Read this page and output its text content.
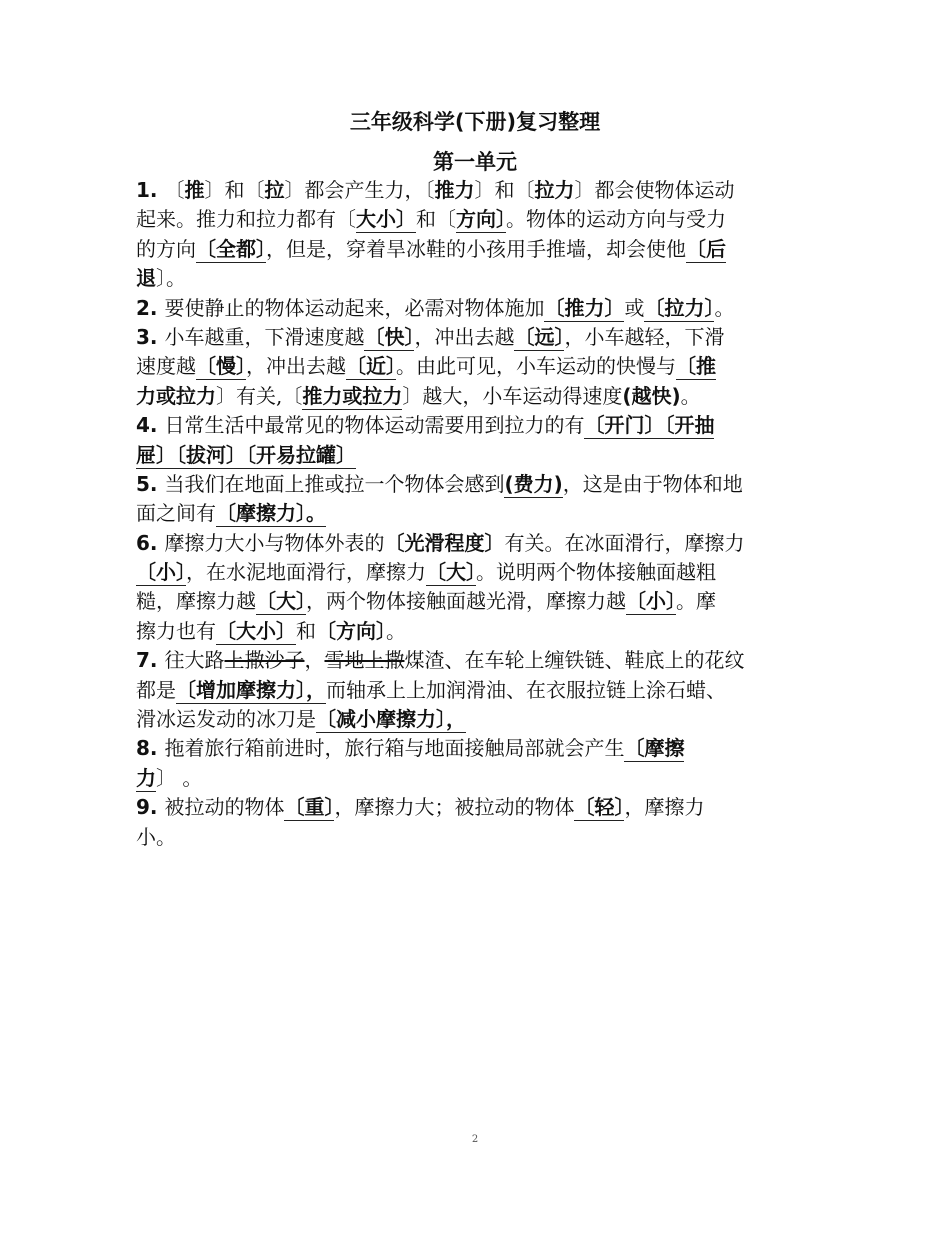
三年级科学(下册)复习整理
第一单元
1. 〔推〕和〔拉〕都会产生力，〔推力〕和〔拉力〕都会使物体运动
起来。推力和拉力都有〔大小〕和〔方向〕。物体的运动方向与受力
的方向〔全都〕，但是，穿着旱冰鞋的小孩用手推墙，却会使他〔后
退〕。
2. 要使静止的物体运动起来，必需对物体施加〔推力〕或〔拉力〕。
3. 小车越重，下滑速度越〔快〕，冲出去越〔远〕，小车越轻，下滑
速度越〔慢〕，冲出去越〔近〕。由此可见，小车运动的快慢与〔推
力或拉力〕有关,〔推力或拉力〕越大，小车运动得速度(越快)。
4. 日常生活中最常见的物体运动需要用到拉力的有〔开门〕〔开抽
屉〕〔拔河〕〔开易拉罐〕
5. 当我们在地面上推或拉一个物体会感到(费力)，这是由于物体和地
面之间有〔摩擦力〕。
6. 摩擦力大小与物体外表的〔光滑程度〕有关。在冰面滑行，摩擦力
〔小〕，在水泥地面滑行，摩擦力〔大〕。说明两个物体接触面越粗
糙，摩擦力越〔大〕，两个物体接触面越光滑，摩擦力越〔小〕。摩
擦力也有〔大小〕和〔方向〕。
7. 往大路上撒沙子，雪地上撒煤渣、在车轮上缠铁链、鞋底上的花纹
都是〔增加摩擦力〕，而轴承上上加润滑油、在衣服拉链上涂石蜡、
滑冰运发动的冰刀是〔减小摩擦力〕，
8. 拖着旅行箱前进时，旅行箱与地面接触局部就会产生〔摩擦
力〕 。
9. 被拉动的物体〔重〕，摩擦力大；被拉动的物体〔轻〕，摩擦力
小。
2
